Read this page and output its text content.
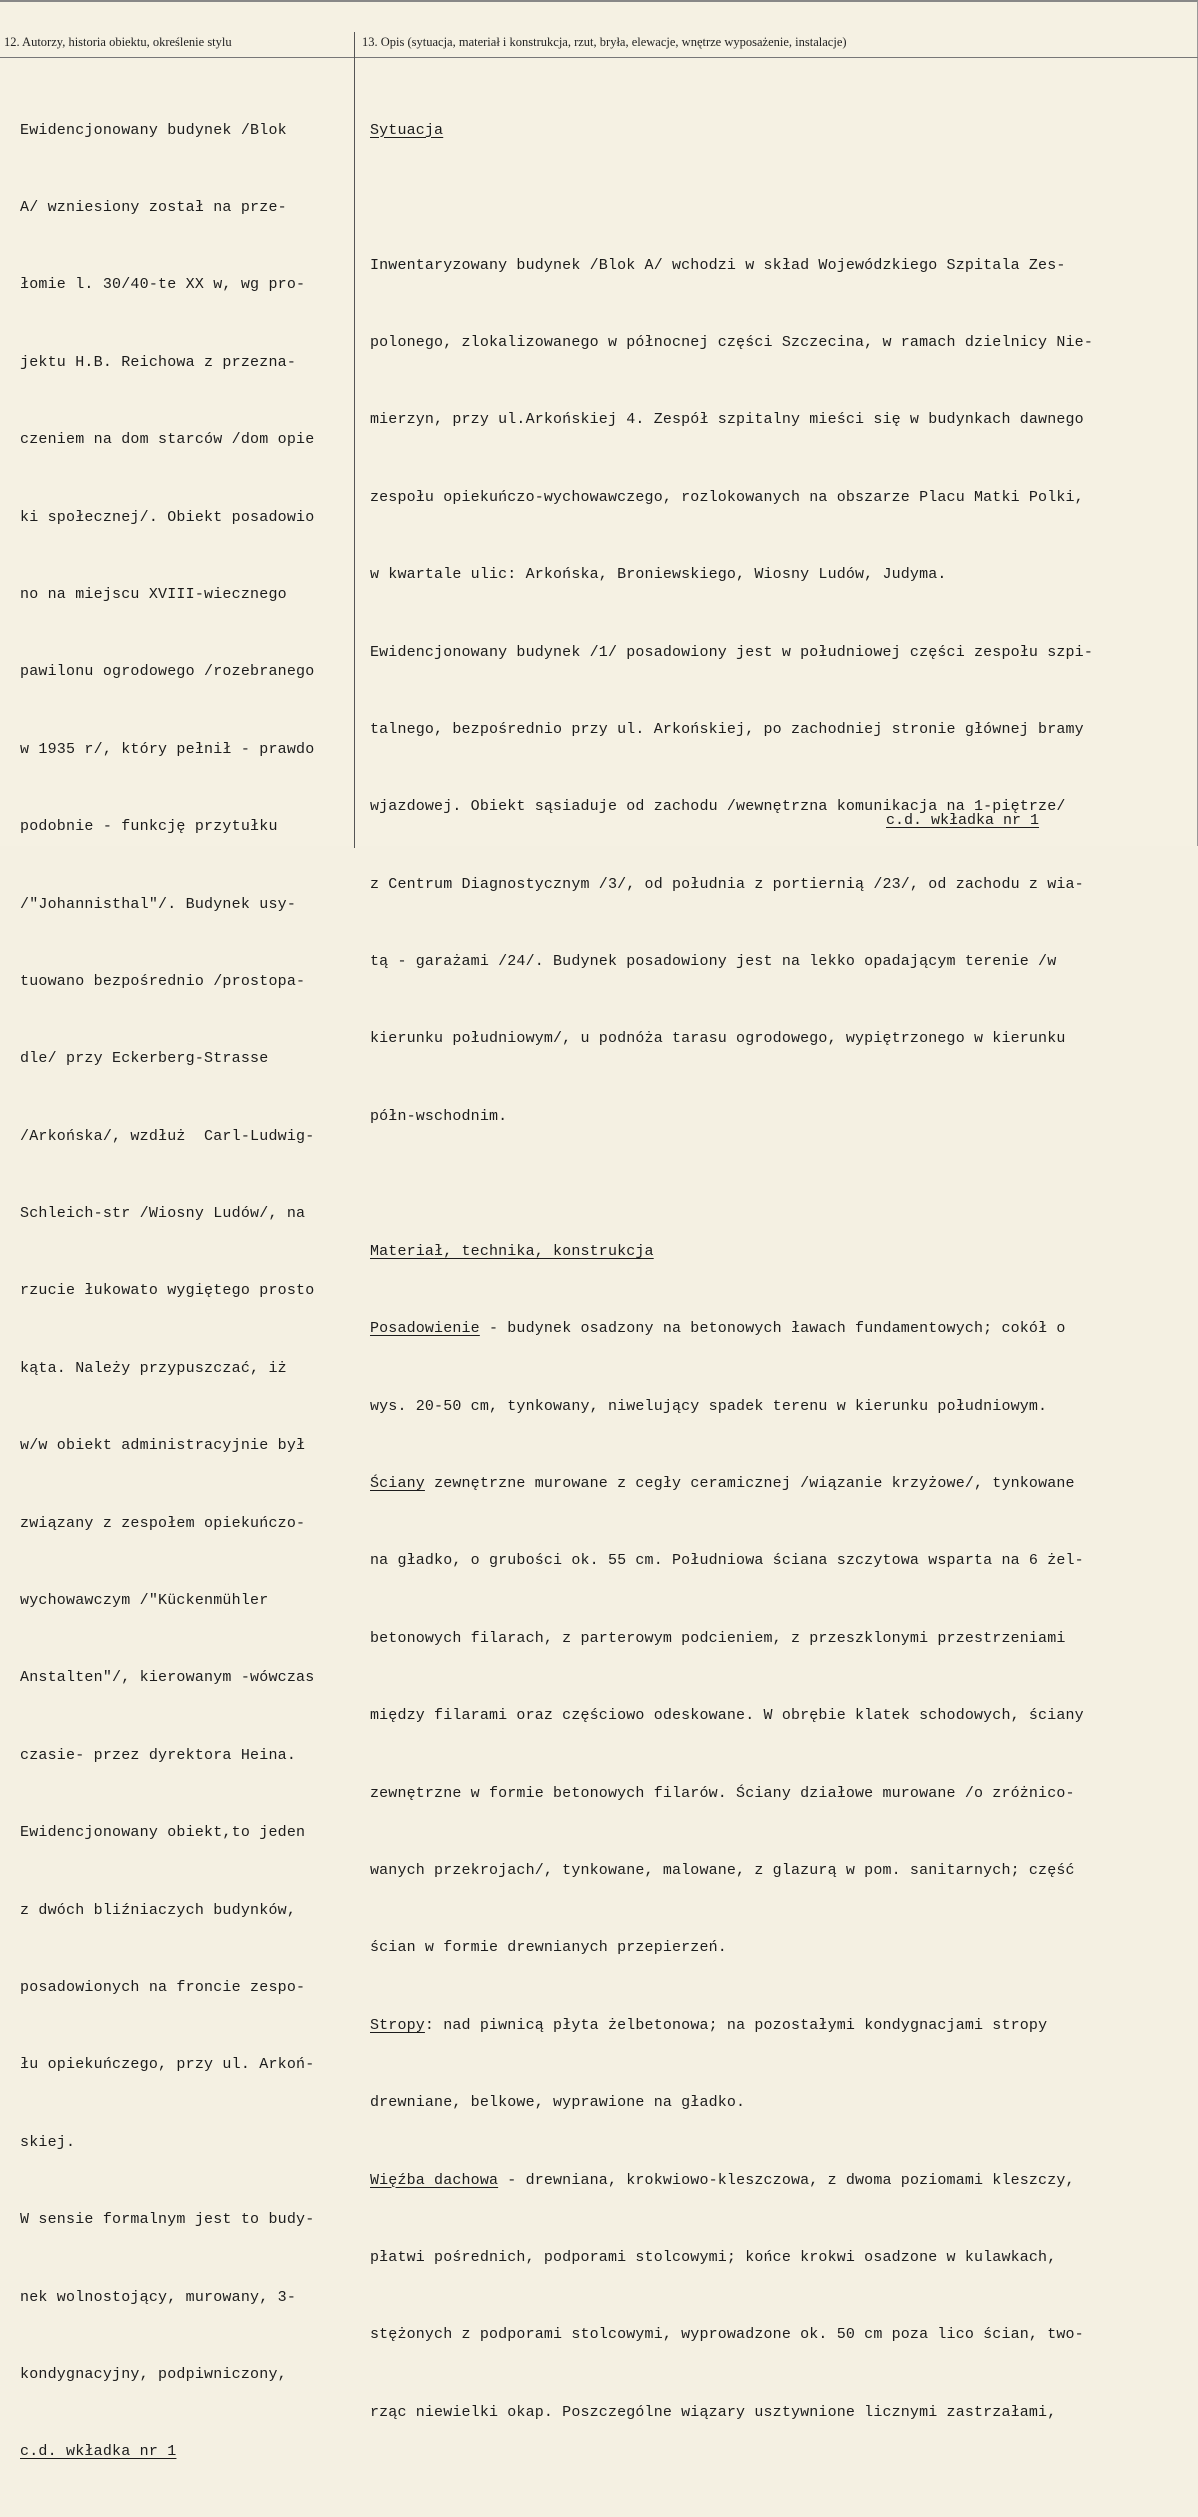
12. Autorzy, historia obiektu, określenie stylu	13. Opis (sytuacja, materiał i konstrukcja, rzut, bryła, elewacje, wnętrze wyposażenie, instalacje)

Ewidencjonowany budynek /Blok

A/ wzniesiony został na prze-

łomie l. 30/40-te XX w, wg pro-

jektu H.B. Reichowa z przezna-

czeniem na dom starców /dom opie

ki społecznej/. Obiekt posadowio

no na miejscu XVIII-wiecznego

pawilonu ogrodowego /rozebranego

w 1935 r/, który pełnił - prawdo

podobnie - funkcję przytułku

/"Johannisthal"/. Budynek usy-

tuowano bezpośrednio /prostopa-

dle/ przy Eckerberg-Strasse

/Arkońska/, wzdłuż  Carl-Ludwig-

Schleich-str /Wiosny Ludów/, na

rzucie łukowato wygiętego prosto

kąta. Należy przypuszczać, iż

w/w obiekt administracyjnie był

związany z zespołem opiekuńczo-

wychowawczym /"Kückenmühler

Anstalten"/, kierowanym -wówczas

czasie- przez dyrektora Heina.

Ewidencjonowany obiekt,to jeden

z dwóch bliźniaczych budynków,

posadowionych na froncie zespo-

łu opiekuńczego, przy ul. Arkoń-

skiej.

W sensie formalnym jest to budy-

nek wolnostojący, murowany, 3-

kondygnacyjny, podpiwniczony,

c.d. wkładka nr 1

Sytuacja

Inwentaryzowany budynek /Blok A/ wchodzi w skład Wojewódzkiego Szpitala Zes-

polonego, zlokalizowanego w północnej części Szczecina, w ramach dzielnicy Nie-

mierzyn, przy ul.Arkońskiej 4. Zespół szpitalny mieści się w budynkach dawnego

zespołu opiekuńczo-wychowawczego, rozlokowanych na obszarze Placu Matki Polki,

w kwartale ulic: Arkońska, Broniewskiego, Wiosny Ludów, Judyma.

Ewidencjonowany budynek /1/ posadowiony jest w południowej części zespołu szpi-

talnego, bezpośrednio przy ul. Arkońskiej, po zachodniej stronie głównej bramy

wjazdowej. Obiekt sąsiaduje od zachodu /wewnętrzna komunikacja na 1-piętrze/

z Centrum Diagnostycznym /3/, od południa z portiernią /23/, od zachodu z wia-

tą - garażami /24/. Budynek posadowiony jest na lekko opadającym terenie /w

kierunku południowym/, u podnóża tarasu ogrodowego, wypiętrzonego w kierunku

półn-wschodnim.

Materiał, technika, konstrukcja

Posadowienie - budynek osadzony na betonowych ławach fundamentowych; cokół o

wys. 20-50 cm, tynkowany, niwelujący spadek terenu w kierunku południowym.

Ściany zewnętrzne murowane z cegły ceramicznej /wiązanie krzyżowe/, tynkowane

na gładko, o grubości ok. 55 cm. Południowa ściana szczytowa wsparta na 6 żel-

betonowych filarach, z parterowym podcieniem, z przeszklonymi przestrzeniami

między filarami oraz częściowo odeskowane. W obrębie klatek schodowych, ściany

zewnętrzne w formie betonowych filarów. Ściany działowe murowane /o zróżnico-

wanych przekrojach/, tynkowane, malowane, z glazurą w pom. sanitarnych; część

ścian w formie drewnianych przepierzeń.

Stropy: nad piwnicą płyta żelbetonowa; na pozostałymi kondygnacjami stropy

drewniane, belkowe, wyprawione na gładko.

Więźba dachowa - drewniana, krokwiowo-kleszczowa, z dwoma poziomami kleszczy,

płatwi pośrednich, podporami stolcowymi; końce krokwi osadzone w kulawkach,

stężonych z podporami stolcowymi, wyprowadzone ok. 50 cm poza lico ścian, two-

rząc niewielki okap. Poszczególne wiązary usztywnione licznymi zastrzałami,

c.d. wkładka nr 1
